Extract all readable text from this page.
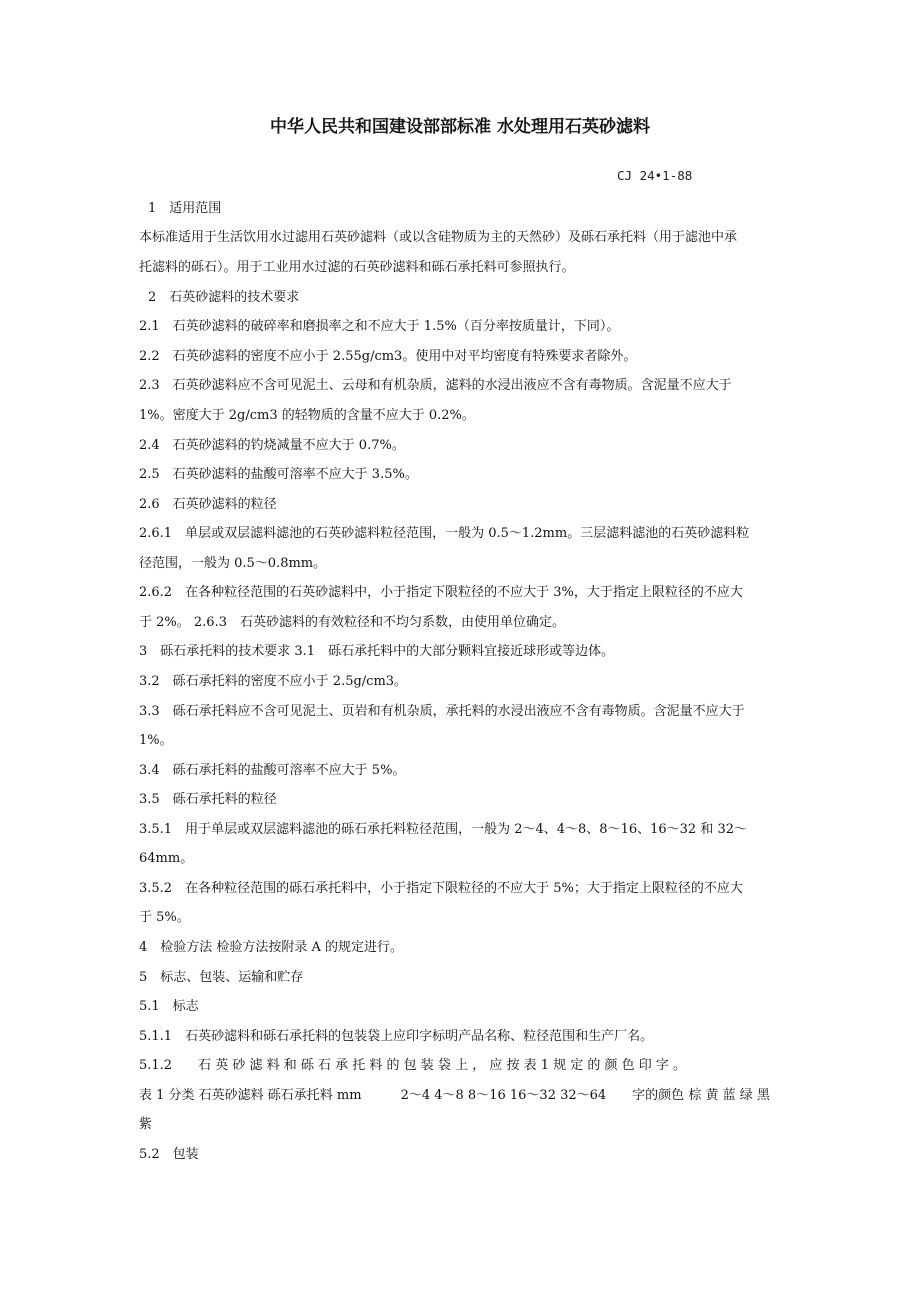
中华人民共和国建设部部标准 水处理用石英砂滤料
CJ 24•1-88
1　适用范围
本标准适用于生活饮用水过滤用石英砂滤料（或以含硅物质为主的天然砂）及砾石承托料（用于滤池中承
托滤料的砾石）。用于工业用水过滤的石英砂滤料和砾石承托料可参照执行。
2　石英砂滤料的技术要求
2.1　石英砂滤料的破碎率和磨损率之和不应大于 1.5%（百分率按质量计，下同）。
2.2　石英砂滤料的密度不应小于 2.55g/cm3。使用中对平均密度有特殊要求者除外。
2.3　石英砂滤料应不含可见泥土、云母和有机杂质，滤料的水浸出液应不含有毒物质。含泥量不应大于
1%。密度大于 2g/cm3 的轻物质的含量不应大于 0.2%。
2.4　石英砂滤料的钓烧减量不应大于 0.7%。
2.5　石英砂滤料的盐酸可溶率不应大于 3.5%。
2.6　石英砂滤料的粒径
2.6.1　单层或双层滤料滤池的石英砂滤料粒径范围，一般为 0.5～1.2mm。三层滤料滤池的石英砂滤料粒
径范围，一般为 0.5～0.8mm。
2.6.2　在各种粒径范围的石英砂滤料中，小于指定下限粒径的不应大于 3%，大于指定上限粒径的不应大
于 2%。 2.6.3　石英砂滤料的有效粒径和不均匀系数，由使用单位确定。
3　砾石承托料的技术要求 3.1　砾石承托料中的大部分颗料宜接近球形或等边体。
3.2　砾石承托料的密度不应小于 2.5g/cm3。
3.3　砾石承托料应不含可见泥土、页岩和有机杂质，承托料的水浸出液应不含有毒物质。含泥量不应大于
1%。
3.4　砾石承托料的盐酸可溶率不应大于 5%。
3.5　砾石承托料的粒径
3.5.1　用于单层或双层滤料滤池的砾石承托料粒径范围，一般为 2～4、4～8、8～16、16～32 和 32～
64mm。
3.5.2　在各种粒径范围的砾石承托料中，小于指定下限粒径的不应大于 5%；大于指定上限粒径的不应大
于 5%。
4　检验方法 检验方法按附录 A 的规定进行。
5　标志、包装、运输和贮存
5.1　标志
5.1.1　石英砂滤料和砾石承托料的包装袋上应印字标明产品名称、粒径范围和生产厂名。
5.1.2　　石 英 砂 滤 料 和 砾 石 承 托 料 的 包 装 袋 上 ， 应 按 表 1 规 定 的 颜 色 印 字 。
表 1 分类 石英砂滤料 砾石承托料 mm　　　2～4 4～8 8～16 16～32 32～64　　字的颜色 棕 黄 蓝 绿 黑
紫
5.2　包装
